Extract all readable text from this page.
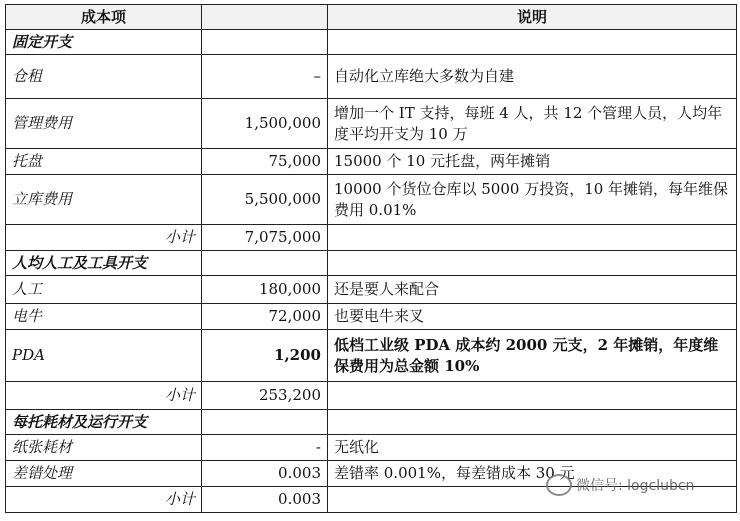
成本项		说明
固定开支		
仓租	–	自动化立库绝大多数为自建
管理费用	1,500,000	增加一个 IT 支持，每班 4 人，共 12 个管理人员，人均年度平均开支为 10 万
托盘	75,000	15000 个 10 元托盘，两年摊销
立库费用	5,500,000	10000 个货位仓库以 5000 万投资，10 年摊销，每年维保费用 0.01%
小计	7,075,000	
人均人工及工具开支		
人工	180,000	还是要人来配合
电牛	72,000	也要电牛来叉
PDA	1,200	低档工业级 PDA 成本约 2000 元支，2 年摊销，年度维保费用为总金额 10%
小计	253,200	
每托耗材及运行开支		
纸张耗材	-	无纸化
差错处理	0.003	差错率 0.001%，每差错成本 30 元
小计	0.003	
微信号: logclubcn
